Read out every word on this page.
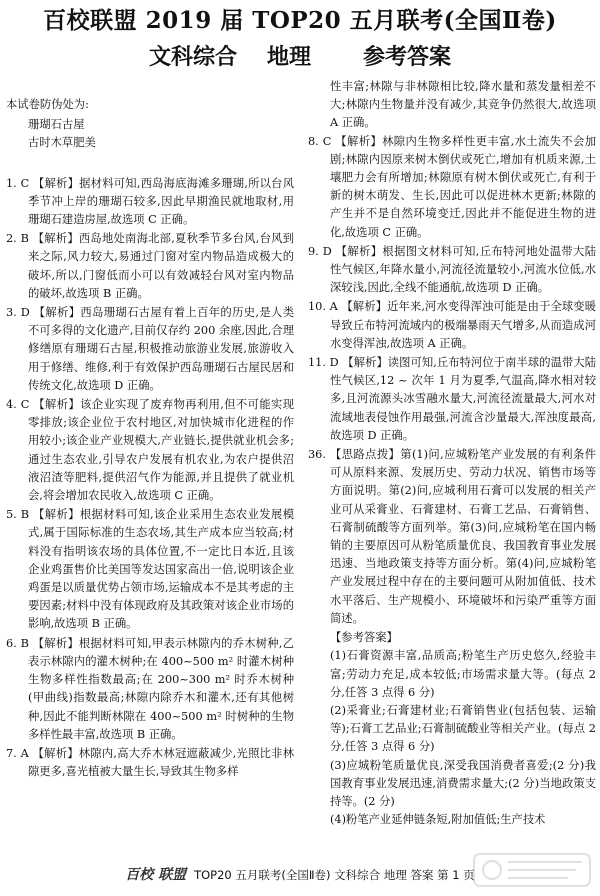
百校联盟 2019 届 TOP20 五月联考(全国Ⅱ卷)
文科综合 地理 参考答案

本试卷防伪处为:

珊瑚石古屋

古时木草肥美

1. C 【解析】据材料可知,西岛海底海滩多珊瑚,所以台风季节冲上岸的珊瑚石较多,因此早期渔民就地取材,用珊瑚石建造房屋,故选项 C 正确。

2. B 【解析】西岛地处南海北部,夏秋季节多台风,台风到来之际,风力较大,易通过门窗对室内物品造成极大的破坏,所以,门窗低而小可以有效减轻台风对室内物品的破坏,故选项 B 正确。

3. D 【解析】西岛珊瑚石古屋有着上百年的历史,是人类不可多得的文化遗产,目前仅存约 200 余座,因此,合理修缮原有珊瑚石古屋,积极推动旅游业发展,旅游收入用于修缮、维修,利于有效保护西岛珊瑚石古屋民居和传统文化,故选项 D 正确。

4. C 【解析】该企业实现了废弃物再利用,但不可能实现零排放;该企业位于农村地区,对加快城市化进程的作用较小;该企业产业规模大,产业链长,提供就业机会多;通过生态农业,引导农户发展有机农业,为农户提供沼液沼渣等肥料,提供沼气作为能源,并且提供了就业机会,将会增加农民收入,故选项 C 正确。

5. B 【解析】根据材料可知,该企业采用生态农业发展模式,属于国际标准的生态农场,其生产成本应当较高;材料没有指明该农场的具体位置,不一定比日本近,且该企业鸡蛋售价比美国等发达国家高出一倍,说明该企业鸡蛋是以质量优势占领市场,运输成本不是其考虑的主要因素;材料中没有体现政府及其政策对该企业市场的影响,故选项 B 正确。

6. B 【解析】根据材料可知,甲表示林隙内的乔木树种,乙表示林隙内的灌木树种;在 400~500 m² 时灌木树种生物多样性指数最高;在 200~300 m² 时乔木树种(甲曲线)指数最高;林隙内除乔木和灌木,还有其他树种,因此不能判断林隙在 400~500 m² 时树种的生物多样性最丰富,故选项 B 正确。

7. A 【解析】林隙内,高大乔木林冠遮蔽减少,光照比非林隙更多,喜光植被大量生长,导致其生物多样

性丰富;林隙与非林隙相比较,降水量和蒸发量相差不大;林隙内生物量并没有减少,其竞争仍然很大,故选项 A 正确。

8. C 【解析】林隙内生物多样性更丰富,水土流失不会加剧;林隙内因原来树木倒伏或死亡,增加有机质来源,土壤肥力会有所增加;林隙原有树木倒伏或死亡,有利于新的树木萌发、生长,因此可以促进林木更新;林隙的产生并不是自然环境变迁,因此并不能促进生物的进化,故选项 C 正确。

9. D 【解析】根据图文材料可知,丘布特河地处温带大陆性气候区,年降水量小,河流径流量较小,河流水位低,水深较浅,因此,全线不能通航,故选项 D 正确。

10. A 【解析】近年来,河水变得浑浊可能是由于全球变暖导致丘布特河流域内的极端暴雨天气增多,从而造成河水变得浑浊,故选项 A 正确。

11. D 【解析】读图可知,丘布特河位于南半球的温带大陆性气候区,12 ~ 次年 1 月为夏季,气温高,降水相对较多,且河流源头冰雪融水量大,河流径流量最大,河水对流域地表侵蚀作用最强,河流含沙量最大,浑浊度最高,故选项 D 正确。

36. 【思路点拨】第(1)问,应城粉笔产业发展的有利条件可从原料来源、发展历史、劳动力状况、销售市场等方面说明。第(2)问,应城利用石膏可以发展的相关产业可从采膏业、石膏建材、石膏工艺品、石膏销售、石膏制硫酸等方面列举。第(3)问,应城粉笔在国内畅销的主要原因可从粉笔质量优良、我国教育事业发展迅速、当地政策支持等方面分析。第(4)问,应城粉笔产业发展过程中存在的主要问题可从附加值低、技术水平落后、生产规模小、环境破坏和污染严重等方面简述。

【参考答案】

(1)石膏资源丰富,品质高;粉笔生产历史悠久,经验丰富;劳动力充足,成本较低;市场需求量大等。(每点 2 分,任答 3 点得 6 分)

(2)采膏业;石膏建材业;石膏销售业(包括包装、运输等);石膏工艺品业;石膏制硫酸业等相关产业。(每点 2 分,任答 3 点得 6 分)

(3)应城粉笔质量优良,深受我国消费者喜爱;(2 分)我国教育事业发展迅速,消费需求量大;(2 分)当地政策支持等。(2 分)

(4)粉笔产业延伸链条短,附加值低;生产技术

百校 联盟 TOP20 五月联考(全国Ⅱ卷) 文科综合 地理 答案 第 1 页
